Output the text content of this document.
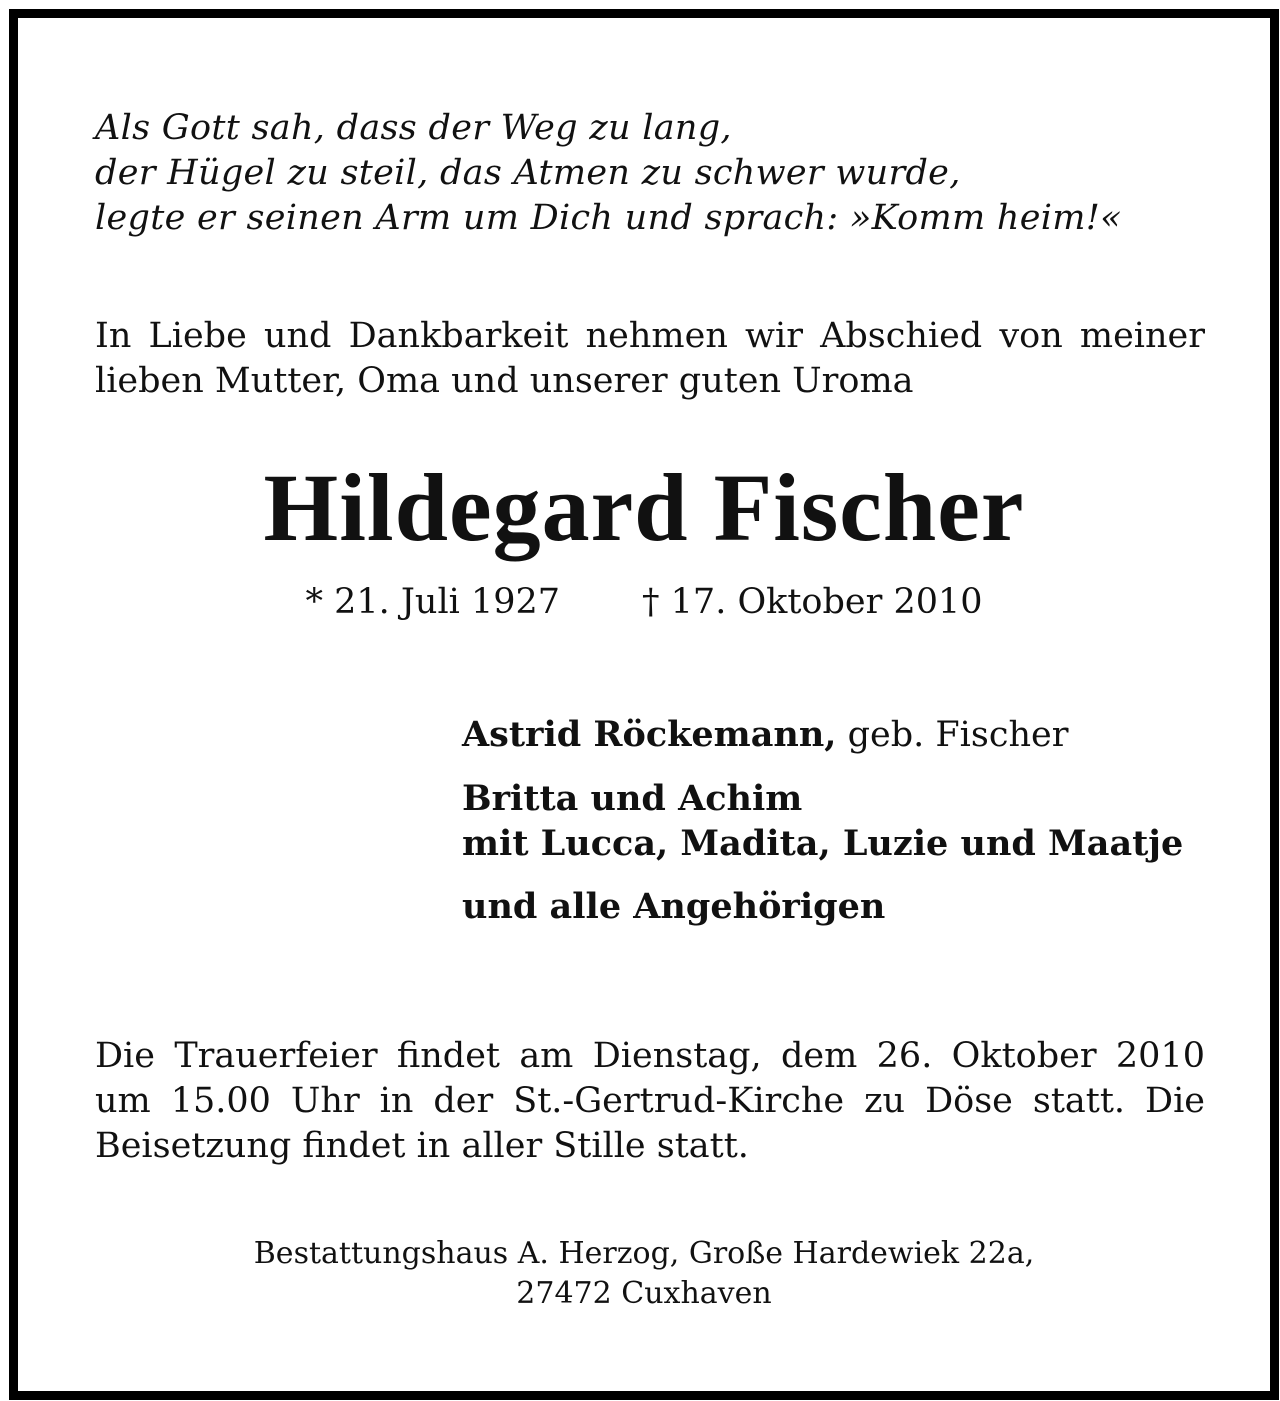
Als Gott sah, dass der Weg zu lang,
der Hügel zu steil, das Atmen zu schwer wurde,
legte er seinen Arm um Dich und sprach: »Komm heim!«

In Liebe und Dankbarkeit nehmen wir Abschied von meiner lieben Mutter, Oma und unserer guten Uroma

Hildegard Fischer

* 21. Juli 1927 † 17. Oktober 2010

Astrid Röckemann, geb. Fischer
Britta und Achim
mit Lucca, Madita, Luzie und Maatje
und alle Angehörigen

Die Trauerfeier findet am Dienstag, dem 26. Oktober 2010 um 15.00 Uhr in der St.-Gertrud-Kirche zu Döse statt. Die Beisetzung findet in aller Stille statt.

Bestattungshaus A. Herzog, Große Hardewiek 22a,
27472 Cuxhaven
